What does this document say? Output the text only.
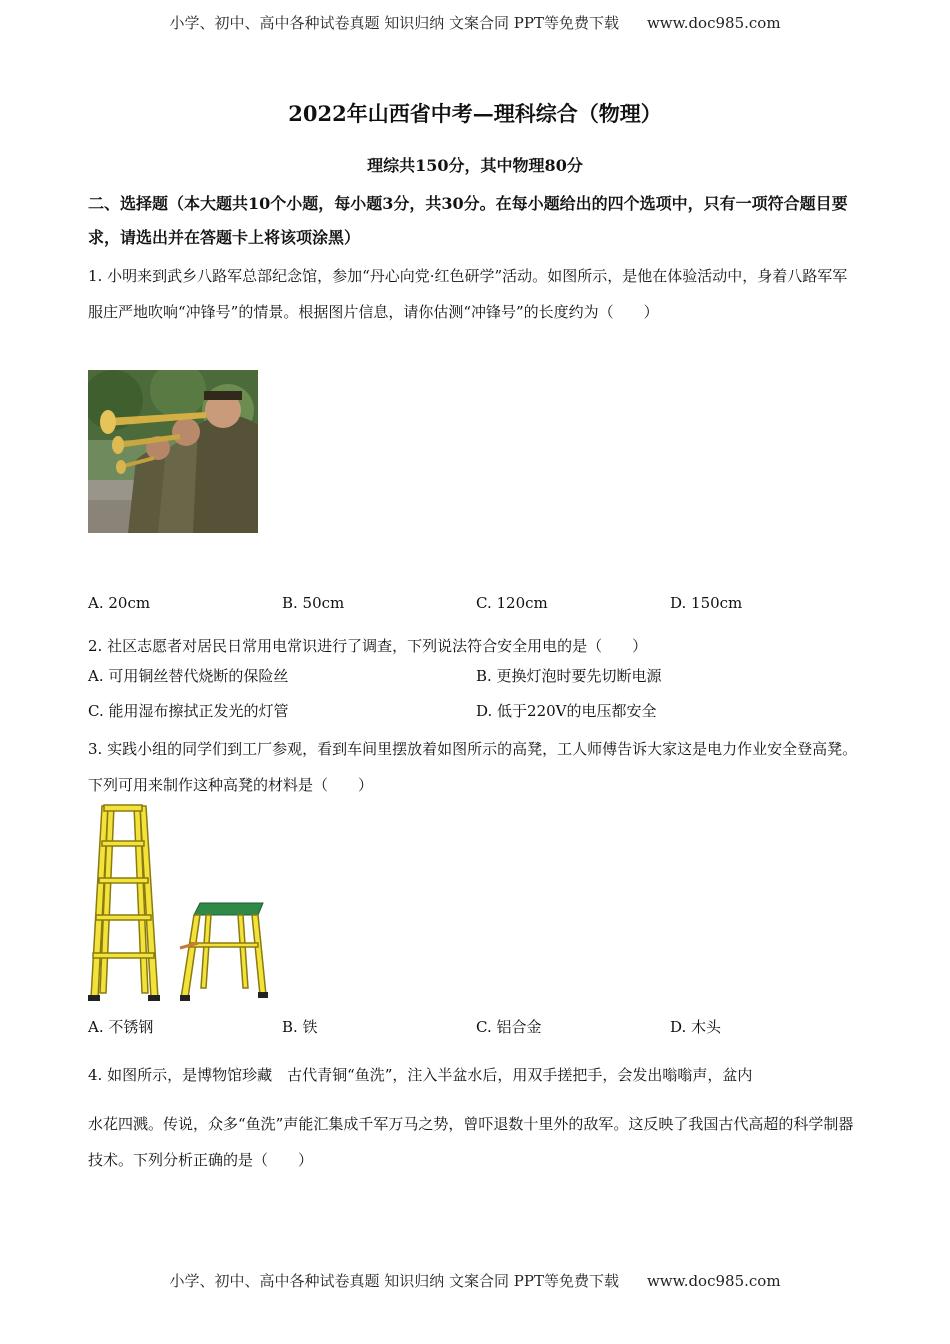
小学、初中、高中各种试卷真题 知识归纳 文案合同 PPT等免费下载 www.doc985.com
2022年山西省中考—理科综合（物理）
理综共150分，其中物理80分
二、选择题（本大题共10个小题，每小题3分，共30分。在每小题给出的四个选项中，只有一项符合题目要求，请选出并在答题卡上将该项涂黑）
1. 小明来到武乡八路军总部纪念馆，参加“丹心向党·红色研学”活动。如图所示，是他在体验活动中，身着八路军军服庄严地吹响“冲锋号”的情景。根据图片信息，请你估测“冲锋号”的长度约为（　　）
A. 20cm	B. 50cm	C. 120cm	D. 150cm
2. 社区志愿者对居民日常用电常识进行了调查，下列说法符合安全用电的是（　　）
A. 可用铜丝替代烧断的保险丝	B. 更换灯泡时要先切断电源
C. 能用湿布擦拭正发光的灯管	D. 低于220V的电压都安全
3. 实践小组的同学们到工厂参观，看到车间里摆放着如图所示的高凳，工人师傅告诉大家这是电力作业安全登高凳。下列可用来制作这种高凳的材料是（　　）
A. 不锈钢	B. 铁	C. 铝合金	D. 木头
4. 如图所示，是博物馆珍藏　古代青铜“鱼洗”，注入半盆水后，用双手搓把手，会发出嗡嗡声，盆内
水花四溅。传说，众多“鱼洗”声能汇集成千军万马之势，曾吓退数十里外的敌军。这反映了我国古代高超的科学制器技术。下列分析正确的是（　　）
小学、初中、高中各种试卷真题 知识归纳 文案合同 PPT等免费下载 www.doc985.com
